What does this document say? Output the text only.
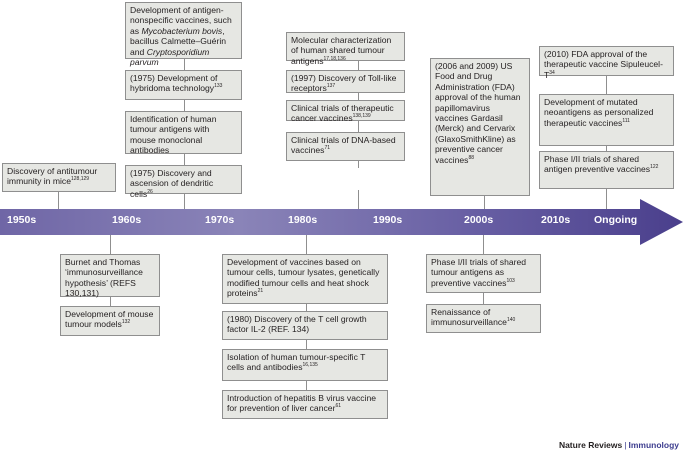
1950s	1960s	1970s	1980s	1990s	2000s	2010s Ongoing
Discovery of antitumour immunity in mice$^{128,129}$
Development of antigen-nonspecific vaccines, such as Mycobacterium bovis, bacillus Calmette–Guérin and Cryptosporidium parvum
(1975) Development of hybridoma technology$^{133}$
Identification of human tumour antigens with mouse monoclonal antibodies
(1975) Discovery and ascension of dendritic cells$^{26}$
Molecular characterization of human shared tumour antigens$^{17,18,136}$
(1997) Discovery of Toll-like receptors$^{137}$
Clinical trials of therapeutic cancer vaccines$^{138,139}$
Clinical trials of DNA-based vaccines$^{71}$
(2006 and 2009) US Food and Drug Administration (FDA) approval of the human papillomavirus vaccines Gardasil (Merck) and Cervarix (GlaxoSmithKline) as preventive cancer vaccines$^{88}$
(2010) FDA approval of the therapeutic vaccine Sipuleucel-$T^{34}$
Development of mutated neoantigens as personalized therapeutic vaccines$^{111}$
Phase I/II trials of shared antigen preventive vaccines$^{122}$
Burnet and Thomas ‘immunosurveillance hypothesis’ (REFS 130,131)
Development of mouse tumour models$^{132}$
Development of vaccines based on tumour cells, tumour lysates, genetically modified tumour cells and heat shock proteins$^{21}$
(1980) Discovery of the T cell growth factor IL-2 (REF. 134)
Isolation of human tumour-specific T cells and antibodies$^{16,135}$
Introduction of hepatitis B virus vaccine for prevention of liver cancer$^{61}$
Phase I/II trials of shared tumour antigens as preventive vaccines$^{103}$
Renaissance of immunosurveillance$^{140}$
Nature Reviews | Immunology
